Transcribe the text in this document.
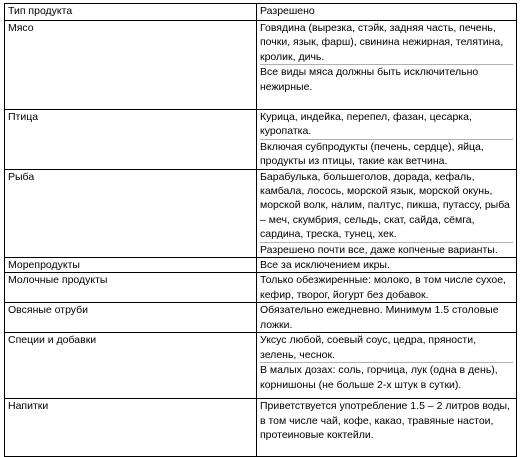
Тип продукта	Разрешено
Мясо	Говядина (вырезка, стэйк, задняя часть, печень, почки, язык, фарш), свинина нежирная, телятина, кролик, дичь.
Все виды мяса должны быть исключительно нежирные.

Птица	Курица, индейка, перепел, фазан, цесарка, куропатка.
Включая субпродукты (печень, сердце), яйца, продукты из птицы, такие как ветчина.

Рыба	Барабулька, большеголов, дорада, кефаль, камбала, лосось, морской язык, морской окунь, морской волк, налим, палтус, пикша, путассу, рыба – меч, скумбрия, сельдь, скат, сайда, сёмга, сардина, треска, тунец, хек.
Разрешено почти все, даже копченые варианты.

Морепродукты	Все за исключением икры.

Молочные продукты	Только обезжиренные: молоко, в том числе сухое, кефир, творог, йогурт без добавок.

Овсяные отруби	Обязательно ежедневно. Минимум 1.5 столовые ложки.

Специи и добавки	Уксус любой, соевый соус, цедра, пряности, зелень, чеснок.
В малых дозах: соль, горчица, лук (одна в день), корнишоны (не больше 2-х штук в сутки).

Напитки	Приветствуется употребление 1.5 – 2 литров воды, в том числе чай, кофе, какао, травяные настои, протеиновые коктейли.
